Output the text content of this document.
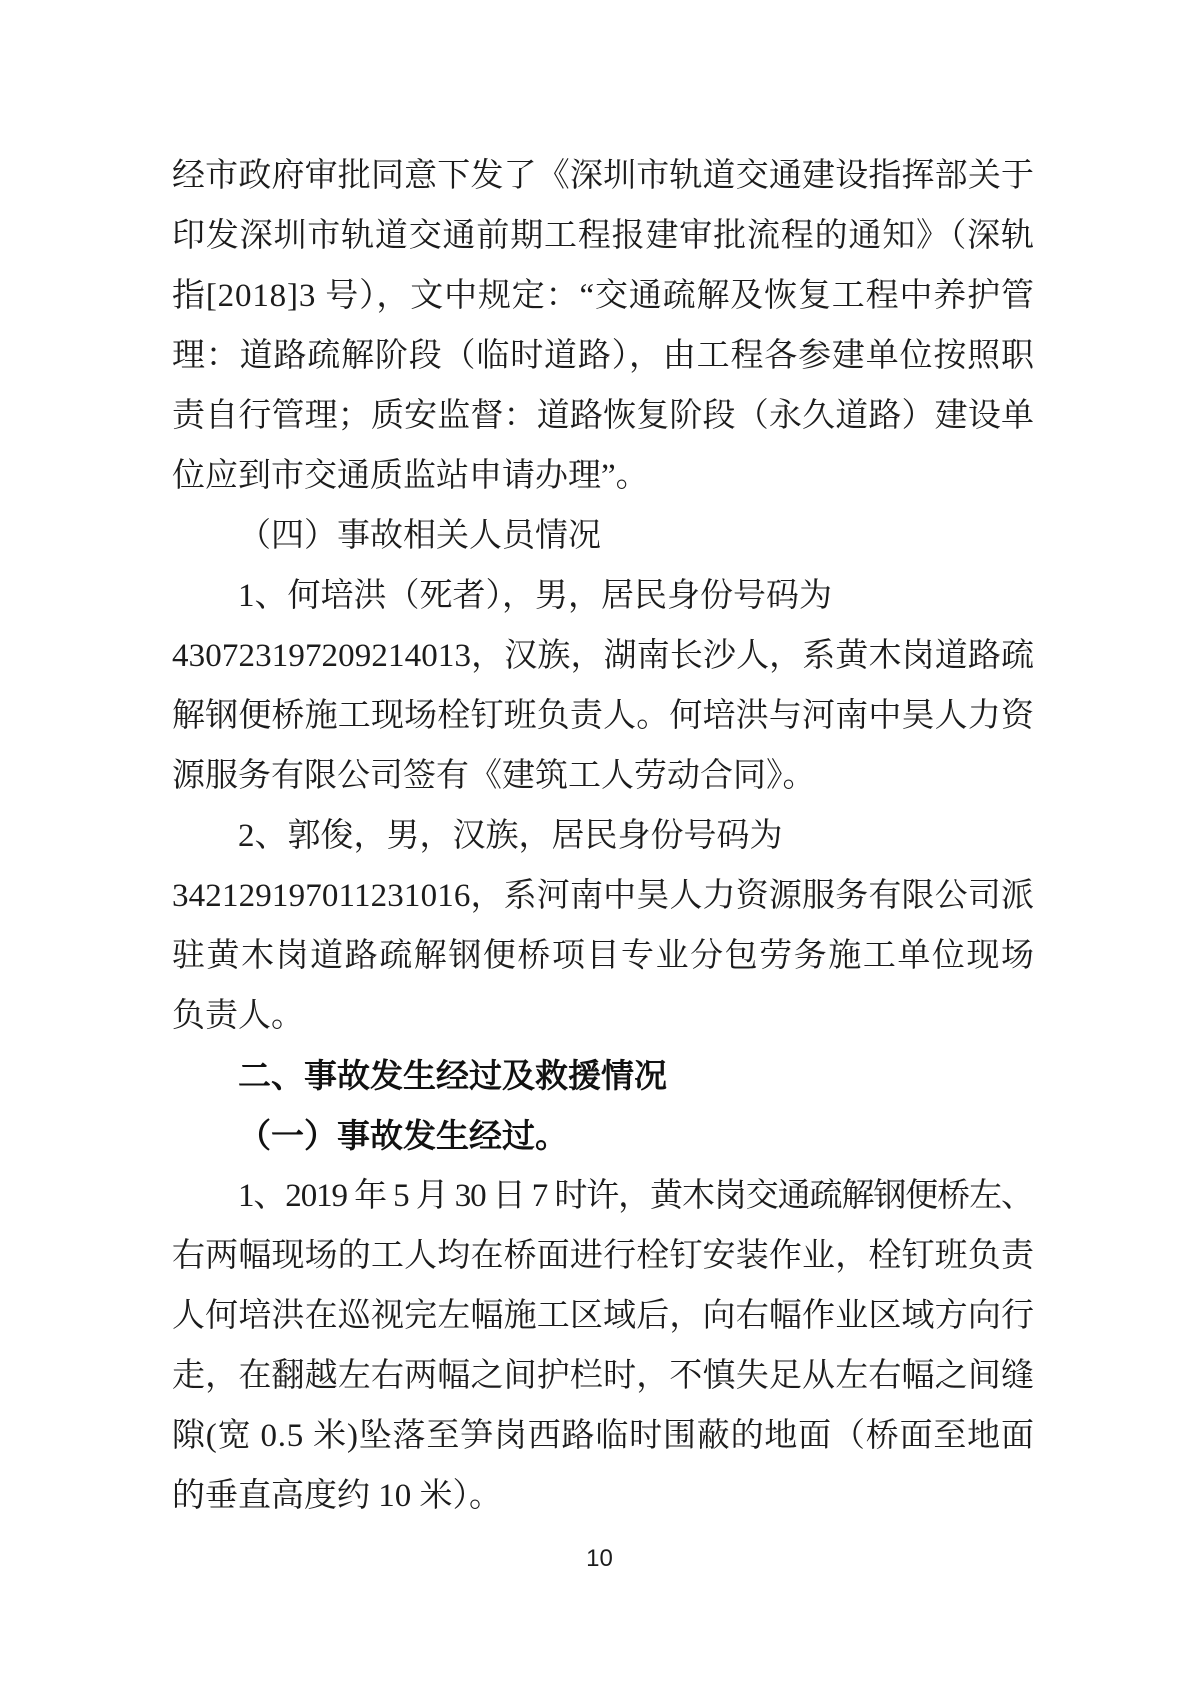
经市政府审批同意下发了《深圳市轨道交通建设指挥部关于
印发深圳市轨道交通前期工程报建审批流程的通知》（深轨
指[2018]3 号），文中规定：“交通疏解及恢复工程中养护管
理：道路疏解阶段（临时道路），由工程各参建单位按照职
责自行管理；质安监督：道路恢复阶段（永久道路）建设单
位应到市交通质监站申请办理”。
（四）事故相关人员情况
1、何培洪（死者），男，居民身份号码为
430723197209214013，汉族，湖南长沙人，系黄木岗道路疏
解钢便桥施工现场栓钉班负责人。何培洪与河南中昊人力资
源服务有限公司签有《建筑工人劳动合同》。
2、郭俊，男，汉族，居民身份号码为
342129197011231016，系河南中昊人力资源服务有限公司派
驻黄木岗道路疏解钢便桥项目专业分包劳务施工单位现场
负责人。
二、事故发生经过及救援情况
（一）事故发生经过。
1、2019 年 5 月 30 日 7 时许，黄木岗交通疏解钢便桥左、
右两幅现场的工人均在桥面进行栓钉安装作业，栓钉班负责
人何培洪在巡视完左幅施工区域后，向右幅作业区域方向行
走，在翻越左右两幅之间护栏时，不慎失足从左右幅之间缝
隙(宽 0.5 米)坠落至笋岗西路临时围蔽的地面（桥面至地面
的垂直高度约 10 米）。
10
